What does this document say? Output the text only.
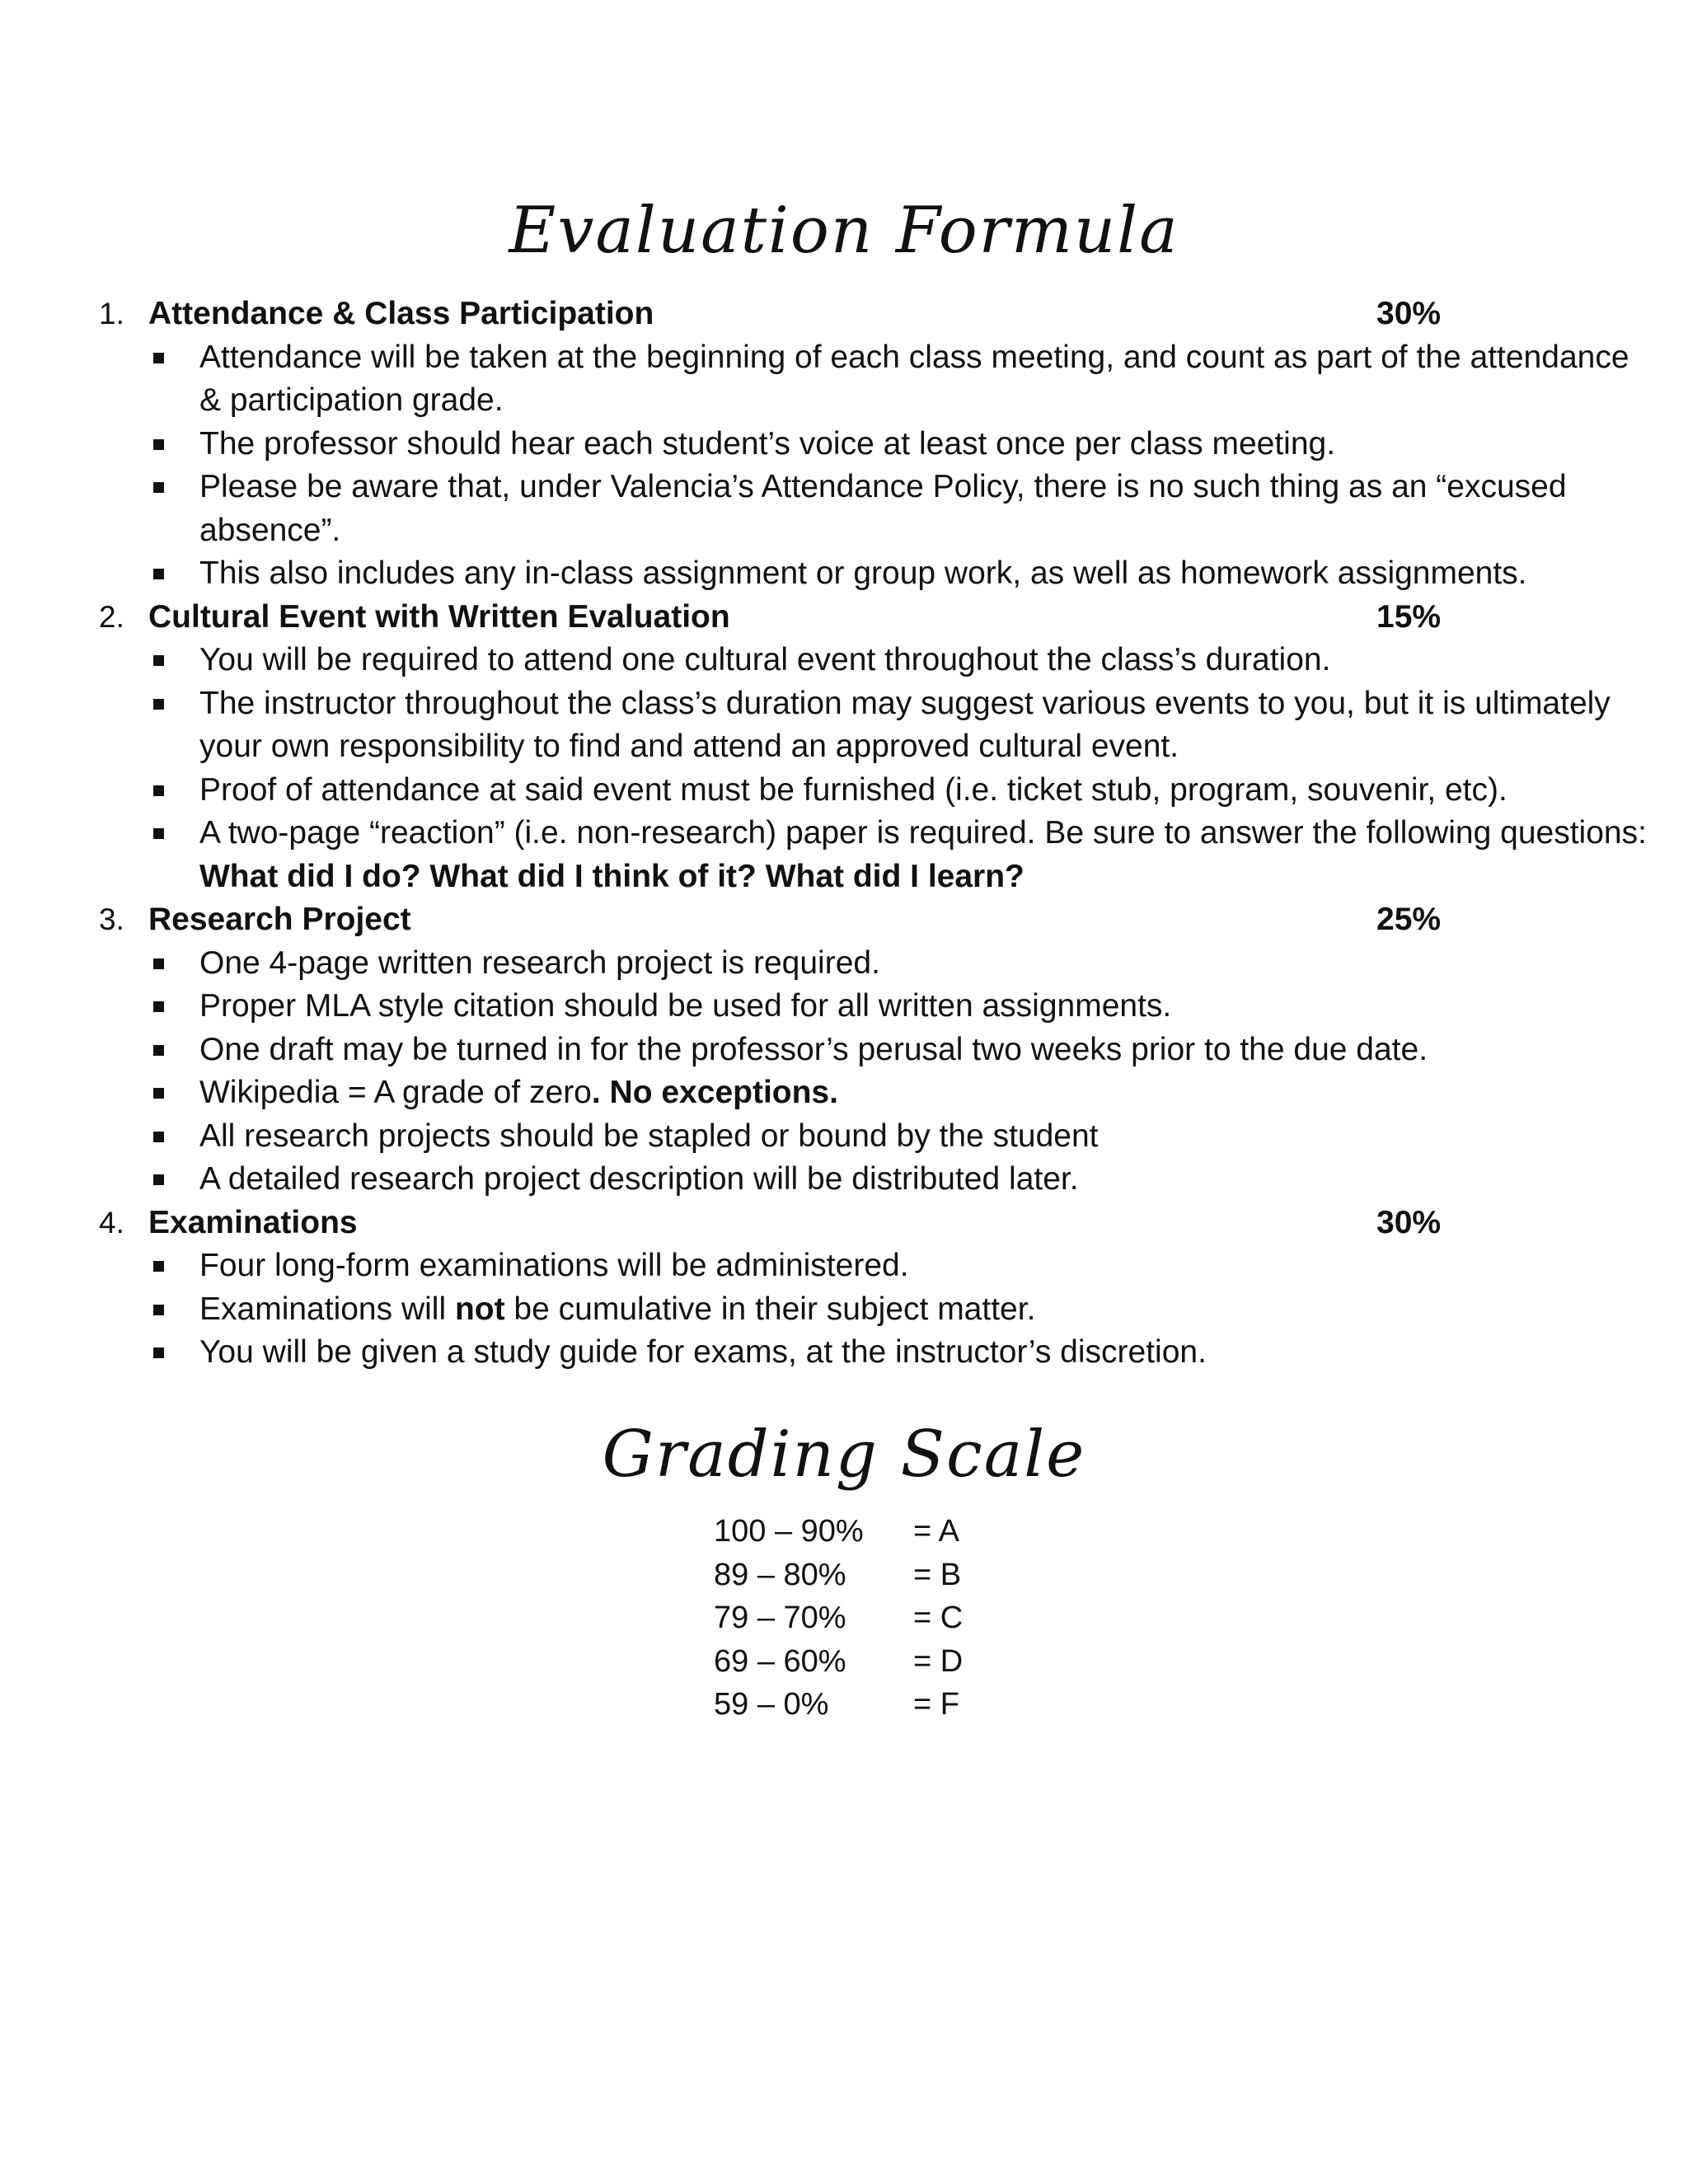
Evaluation Formula
1. Attendance & Class Participation	30%
Attendance will be taken at the beginning of each class meeting, and count as part of the attendance & participation grade.
The professor should hear each student’s voice at least once per class meeting.
Please be aware that, under Valencia’s Attendance Policy, there is no such thing as an “excused absence”.
This also includes any in-class assignment or group work, as well as homework assignments.
2. Cultural Event with Written Evaluation	15%
You will be required to attend one cultural event throughout the class’s duration.
The instructor throughout the class’s duration may suggest various events to you, but it is ultimately your own responsibility to find and attend an approved cultural event.
Proof of attendance at said event must be furnished (i.e. ticket stub, program, souvenir, etc).
A two-page “reaction” (i.e. non-research) paper is required. Be sure to answer the following questions: What did I do? What did I think of it? What did I learn?
3. Research Project	25%
One 4-page written research project is required.
Proper MLA style citation should be used for all written assignments.
One draft may be turned in for the professor’s perusal two weeks prior to the due date.
Wikipedia = A grade of zero. No exceptions.
All research projects should be stapled or bound by the student
A detailed research project description will be distributed later.
4. Examinations	30%
Four long-form examinations will be administered.
Examinations will not be cumulative in their subject matter.
You will be given a study guide for exams, at the instructor’s discretion.
Grading Scale
100 – 90% = A
89 – 80% = B
79 – 70% = C
69 – 60% = D
59 – 0%	= F
